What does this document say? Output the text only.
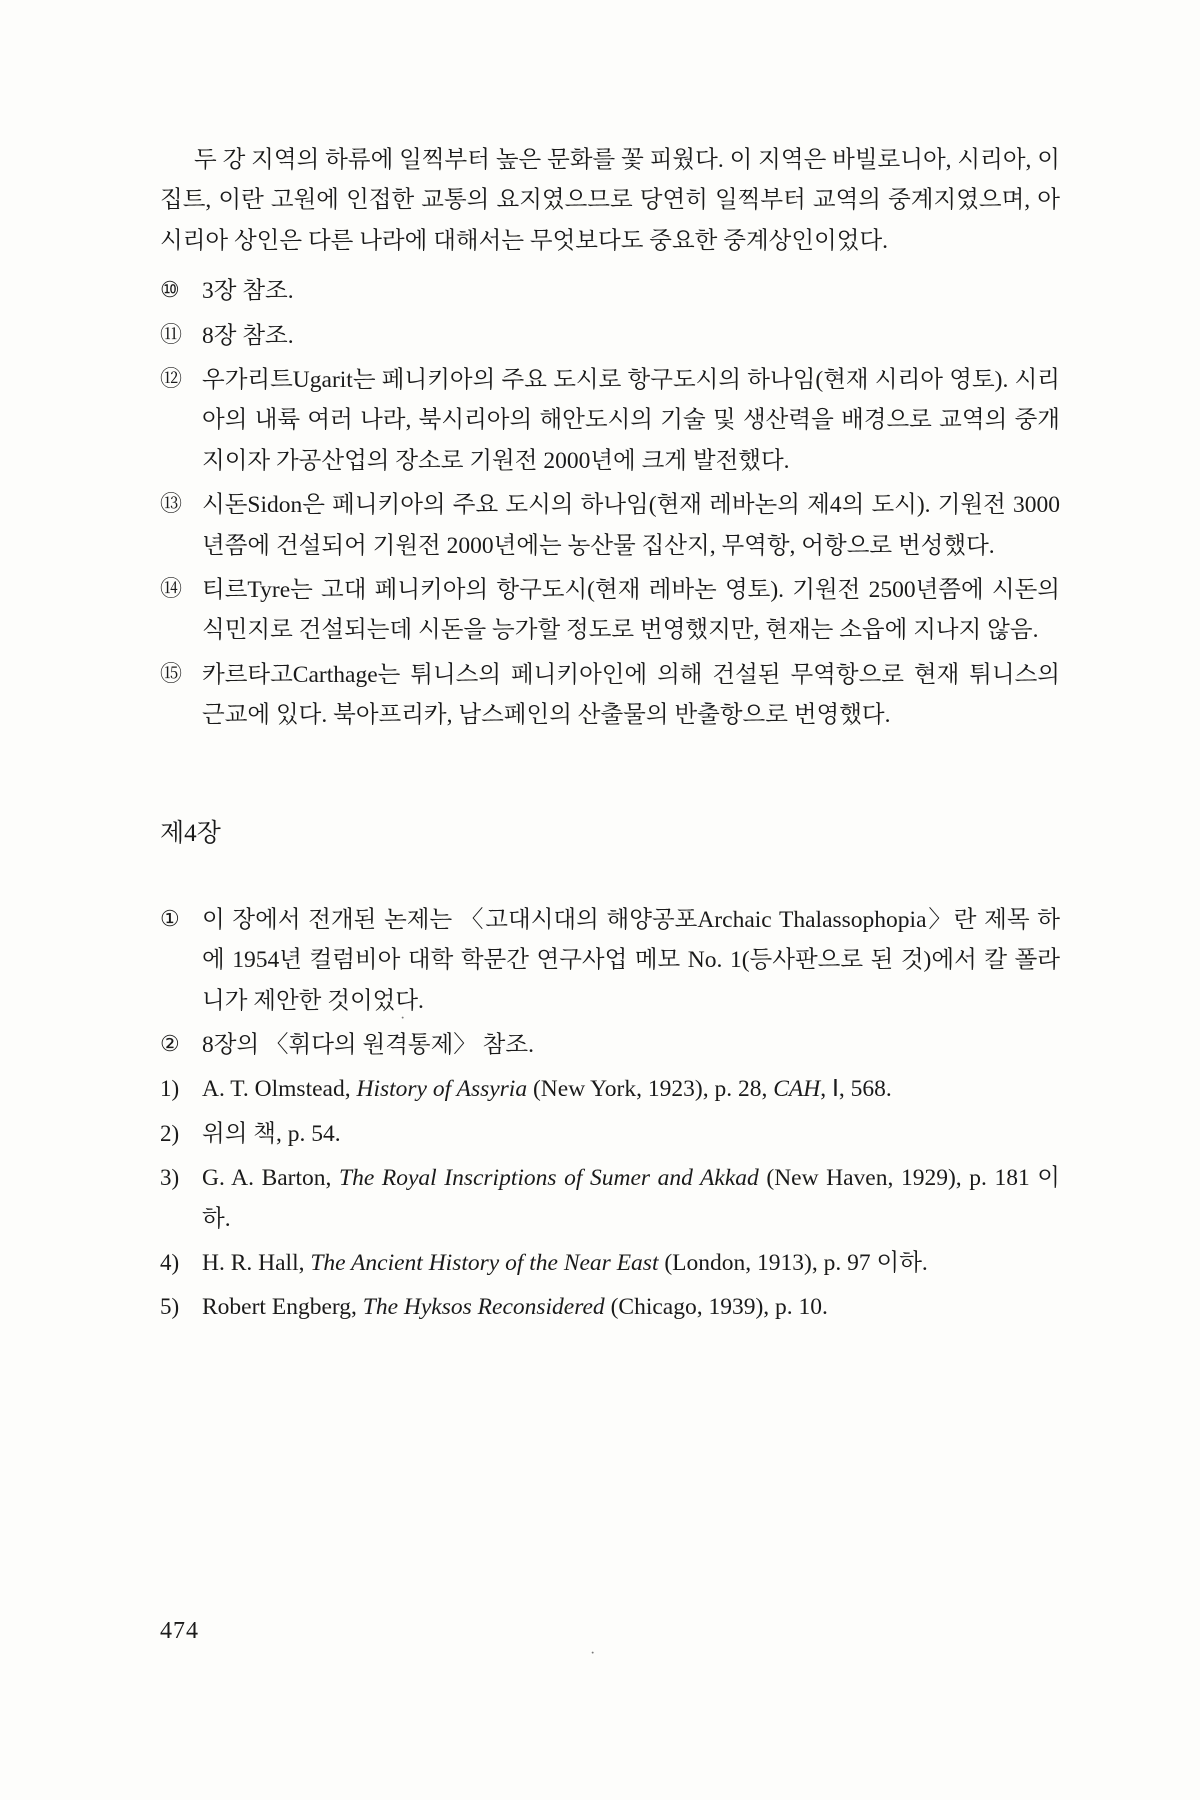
두 강 지역의 하류에 일찍부터 높은 문화를 꽃 피웠다. 이 지역은 바빌로니아, 시리아, 이집트, 이란 고원에 인접한 교통의 요지였으므로 당연히 일찍부터 교역의 중계지였으며, 아시리아 상인은 다른 나라에 대해서는 무엇보다도 중요한 중계상인이었다.

⑩ 3장 참조.
⑪ 8장 참조.
⑫ 우가리트Ugarit는 페니키아의 주요 도시로 항구도시의 하나임(현재 시리아 영토). 시리아의 내륙 여러 나라, 북시리아의 해안도시의 기술 및 생산력을 배경으로 교역의 중개지이자 가공산업의 장소로 기원전 2000년에 크게 발전했다.
⑬ 시돈Sidon은 페니키아의 주요 도시의 하나임(현재 레바논의 제4의 도시). 기원전 3000년쯤에 건설되어 기원전 2000년에는 농산물 집산지, 무역항, 어항으로 번성했다.
⑭ 티르Tyre는 고대 페니키아의 항구도시(현재 레바논 영토). 기원전 2500년쯤에 시돈의 식민지로 건설되는데 시돈을 능가할 정도로 번영했지만, 현재는 소읍에 지나지 않음.
⑮ 카르타고Carthage는 튀니스의 페니키아인에 의해 건설된 무역항으로 현재 튀니스의 근교에 있다. 북아프리카, 남스페인의 산출물의 반출항으로 번영했다.
제4장
① 이 장에서 전개된 논제는 〈고대시대의 해양공포Archaic Thalassophopia〉란 제목 하에 1954년 컬럼비아 대학 학문간 연구사업 메모 No. 1(등사판으로 된 것)에서 칼 폴라니가 제안한 것이었다.
② 8장의 〈휘다의 원격통제〉 참조.
1) A. T. Olmstead, History of Assyria (New York, 1923), p. 28, CAH, Ⅰ, 568.
2) 위의 책, p. 54.
3) G. A. Barton, The Royal Inscriptions of Sumer and Akkad (New Haven, 1929), p. 181 이하.
4) H. R. Hall, The Ancient History of the Near East (London, 1913), p. 97 이하.
5) Robert Engberg, The Hyksos Reconsidered (Chicago, 1939), p. 10.
474
·
·
